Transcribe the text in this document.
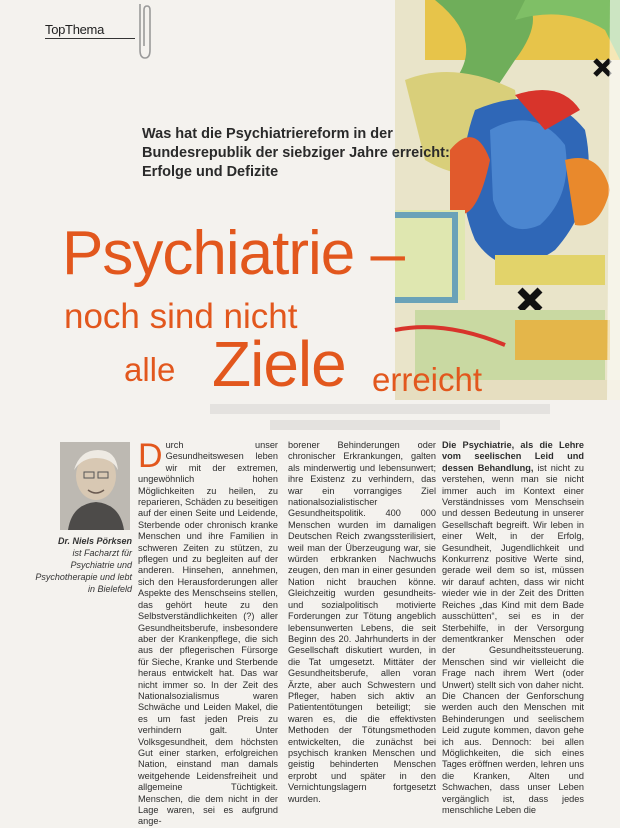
TopThema
Was hat die Psychiatriereform in der Bundesrepublik der siebziger Jahre erreicht: Erfolge und Defizite
Psychiatrie –
noch sind nicht
alle Ziele erreicht
Dr. Niels Pörksen
ist Facharzt für Psychiatrie und Psychotherapie und lebt in Bielefeld
D urch unser Gesundheitswesen leben wir mit der extremen, ungewöhnlich hohen Möglichkeiten zu heilen, zu reparieren, Schäden zu beseitigen auf der einen Seite und Leidende, Sterbende oder chronisch kranke Menschen und ihre Familien in schweren Zeiten zu stützen, zu pflegen und zu begleiten auf der anderen. Hinsehen, annehmen, sich den Herausforderungen aller Aspekte des Menschseins stellen, das gehört heute zu den Selbstverständlichkeiten (?) aller Gesundheitsberufe, insbesondere aber der Krankenpflege, die sich aus der pflegerischen Fürsorge für Sieche, Kranke und Sterbende heraus entwickelt hat. Das war nicht immer so. In der Zeit des Nationalsozialismus waren Schwäche und Leiden Makel, die es um fast jeden Preis zu verhindern galt. Unter Volksgesundheit, dem höchsten Gut einer starken, erfolgreichen Nation, einstand man damals weitgehende Leidensfreiheit und allgemeine Tüchtigkeit. Menschen, die dem nicht in der Lage waren, sei es aufgrund ange-

borener Behinderungen oder chronischer Erkrankungen, galten als minderwertig und lebensunwert; ihre Existenz zu verhindern, das war ein vorrangiges Ziel nationalsozialistischer Gesundheitspolitik. 400 000 Menschen wurden im damaligen Deutschen Reich zwangssterilisiert, weil man der Überzeugung war, sie würden erbkranken Nachwuchs zeugen, den man in einer gesunden Nation nicht brauchen könne. Gleichzeitig wurden gesundheits- und sozialpolitisch motivierte Forderungen zur Tötung angeblich lebensunwerten Lebens, die seit Beginn des 20. Jahrhunderts in der Gesellschaft diskutiert wurden, in die Tat umgesetzt. Mittäter der Gesundheitsberufe, allen voran Ärzte, aber auch Schwestern und Pfleger, haben sich aktiv an Patiententötungen beteiligt; sie waren es, die die effektivsten Methoden der Tötungsmethoden entwickelten, die zunächst bei psychisch kranken Menschen und geistig behinderten Menschen erprobt und später in den Vernichtungslagern fortgesetzt wurden.

Die Psychiatrie, als die Lehre vom seelischen Leid und dessen Behandlung, ist nicht zu verstehen, wenn man sie nicht immer auch im Kontext einer Verständnisses vom Menschsein und dessen Bedeutung in unserer Gesellschaft begreift. Wir leben in einer Welt, in der Erfolg, Gesundheit, Jugendlichkeit und Konkurrenz positive Werte sind, gerade weil dem so ist, müssen wir darauf achten, dass wir nicht wieder wie in der Zeit des Dritten Reiches „das Kind mit dem Bade ausschütten“, sei es in der Sterbehilfe, in der Versorgung dementkranker Menschen oder der Gesundheitssteuerung. Menschen sind wir vielleicht die Frage nach ihrem Wert (oder Unwert) stellt sich von daher nicht. Die Chancen der Genforschung werden auch den Menschen mit Behinderungen und seelischem Leid zugute kommen, davon gehe ich aus. Dennoch: bei allen Möglichkeiten, die sich eines Tages eröffnen werden, lehren uns die Kranken, Alten und Schwachen, dass unser Leben vergänglich ist, dass jedes menschliche Leben die
